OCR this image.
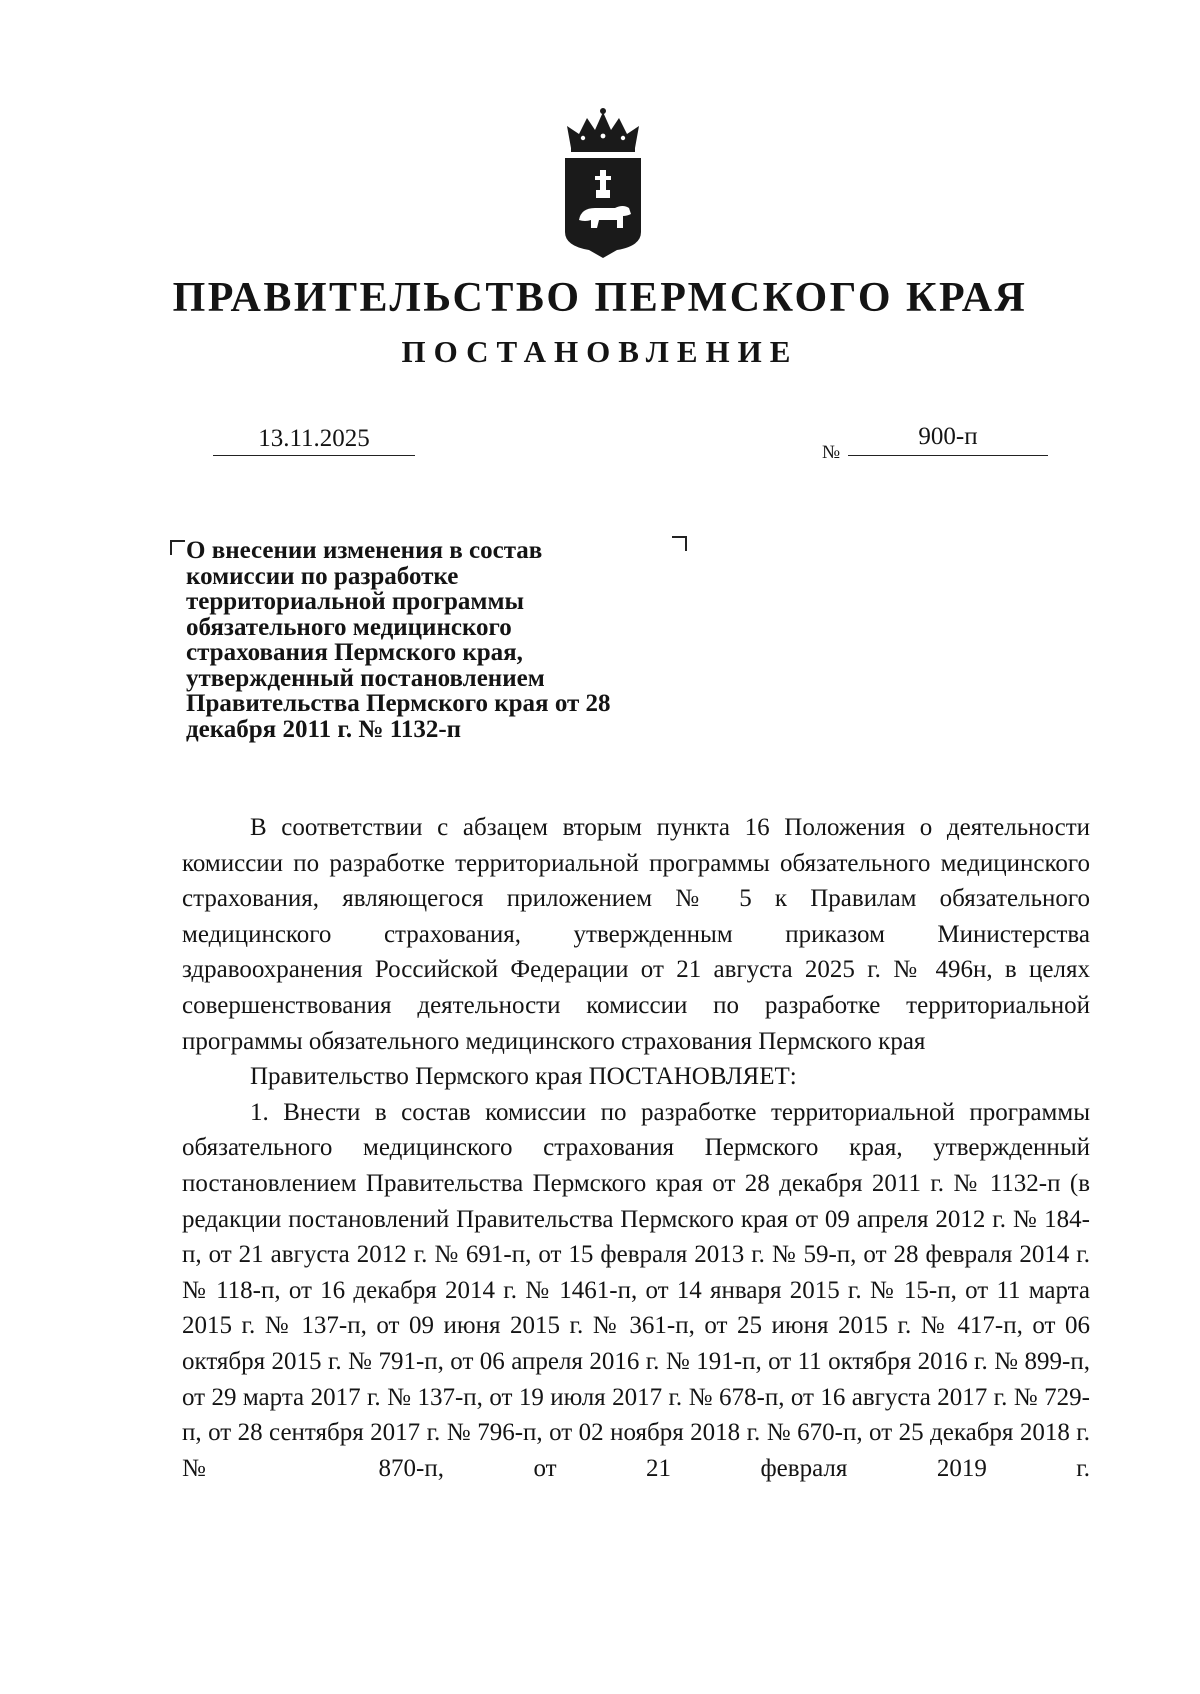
ПРАВИТЕЛЬСТВО ПЕРМСКОГО КРАЯ
ПОСТАНОВЛЕНИЕ
13.11.2025
№
900-п
О внесении изменения в состав комиссии по разработке территориальной программы обязательного медицинского страхования Пермского края, утвержденный постановлением Правительства Пермского края от 28 декабря 2011 г. № 1132-п

В соответствии с абзацем вторым пункта 16 Положения о деятельности комиссии по разработке территориальной программы обязательного медицинского страхования, являющегося приложением № 5 к Правилам обязательного медицинского страхования, утвержденным приказом Министерства здравоохранения Российской Федерации от 21 августа 2025 г. № 496н, в целях совершенствования деятельности комиссии по разработке территориальной программы обязательного медицинского страхования Пермского края

Правительство Пермского края ПОСТАНОВЛЯЕТ:

1. Внести в состав комиссии по разработке территориальной программы обязательного медицинского страхования Пермского края, утвержденный постановлением Правительства Пермского края от 28 декабря 2011 г. № 1132-п (в редакции постановлений Правительства Пермского края от 09 апреля 2012 г. № 184-п, от 21 августа 2012 г. № 691-п, от 15 февраля 2013 г. № 59-п, от 28 февраля 2014 г. № 118-п, от 16 декабря 2014 г. № 1461-п, от 14 января 2015 г. № 15-п, от 11 марта 2015 г. № 137-п, от 09 июня 2015 г. № 361-п, от 25 июня 2015 г. № 417-п, от 06 октября 2015 г. № 791-п, от 06 апреля 2016 г. № 191-п, от 11 октября 2016 г. № 899-п, от 29 марта 2017 г. № 137-п, от 19 июля 2017 г. № 678-п, от 16 августа 2017 г. № 729-п, от 28 сентября 2017 г. № 796-п, от 02 ноября 2018 г. № 670-п, от 25 декабря 2018 г. № 870-п, от 21 февраля 2019 г.
